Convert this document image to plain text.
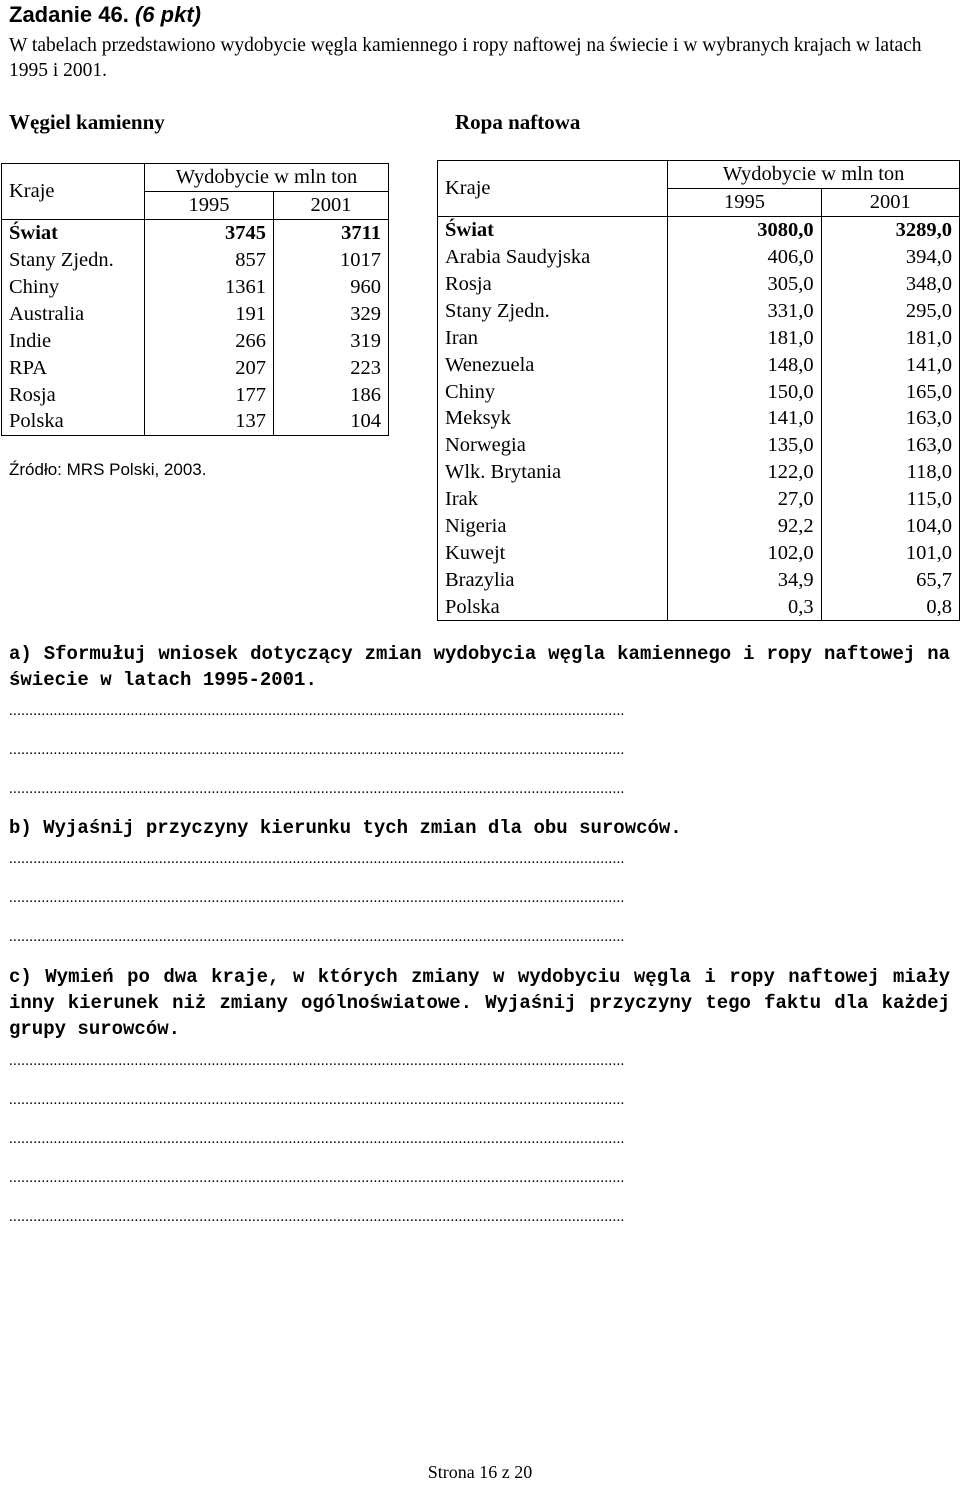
Zadanie 46. (6 pkt)
W tabelach przedstawiono wydobycie węgla kamiennego i ropy naftowej na świecie i w wybranych krajach w latach 1995 i 2001.
Węgiel kamienny	Ropa naftowa
Kraje	Wydobycie w mln ton	
	1995	2001
Świat	3745	3711
Stany Zjedn.	857	1017
Chiny	1361	960
Australia	191	329
Indie	266	319
RPA	207	223
Rosja	177	186
Polska	137	104
Źródło: MRS Polski, 2003.
Kraje	Wydobycie w mln ton	
	1995	2001
Świat	3080,0	3289,0
Arabia Saudyjska	406,0	394,0
Rosja	305,0	348,0
Stany Zjedn.	331,0	295,0
Iran	181,0	181,0
Wenezuela	148,0	141,0
Chiny	150,0	165,0
Meksyk	141,0	163,0
Norwegia	135,0	163,0
Wlk. Brytania	122,0	118,0
Irak	27,0	115,0
Nigeria	92,2	104,0
Kuwejt	102,0	101,0
Brazylia	34,9	65,7
Polska	0,3	0,8
a) Sformułuj wniosek dotyczący zmian wydobycia węgla kamiennego i ropy naftowej na świecie w latach 1995-2001.
........................................................................................................................................................
........................................................................................................................................................
........................................................................................................................................................
b) Wyjaśnij przyczyny kierunku tych zmian dla obu surowców.
........................................................................................................................................................
........................................................................................................................................................
........................................................................................................................................................
c) Wymień po dwa kraje, w których zmiany w wydobyciu węgla i ropy naftowej miały inny kierunek niż zmiany ogólnoświatowe. Wyjaśnij przyczyny tego faktu dla każdej grupy surowców.
........................................................................................................................................................
........................................................................................................................................................
........................................................................................................................................................
........................................................................................................................................................
........................................................................................................................................................
Strona 16 z 20
